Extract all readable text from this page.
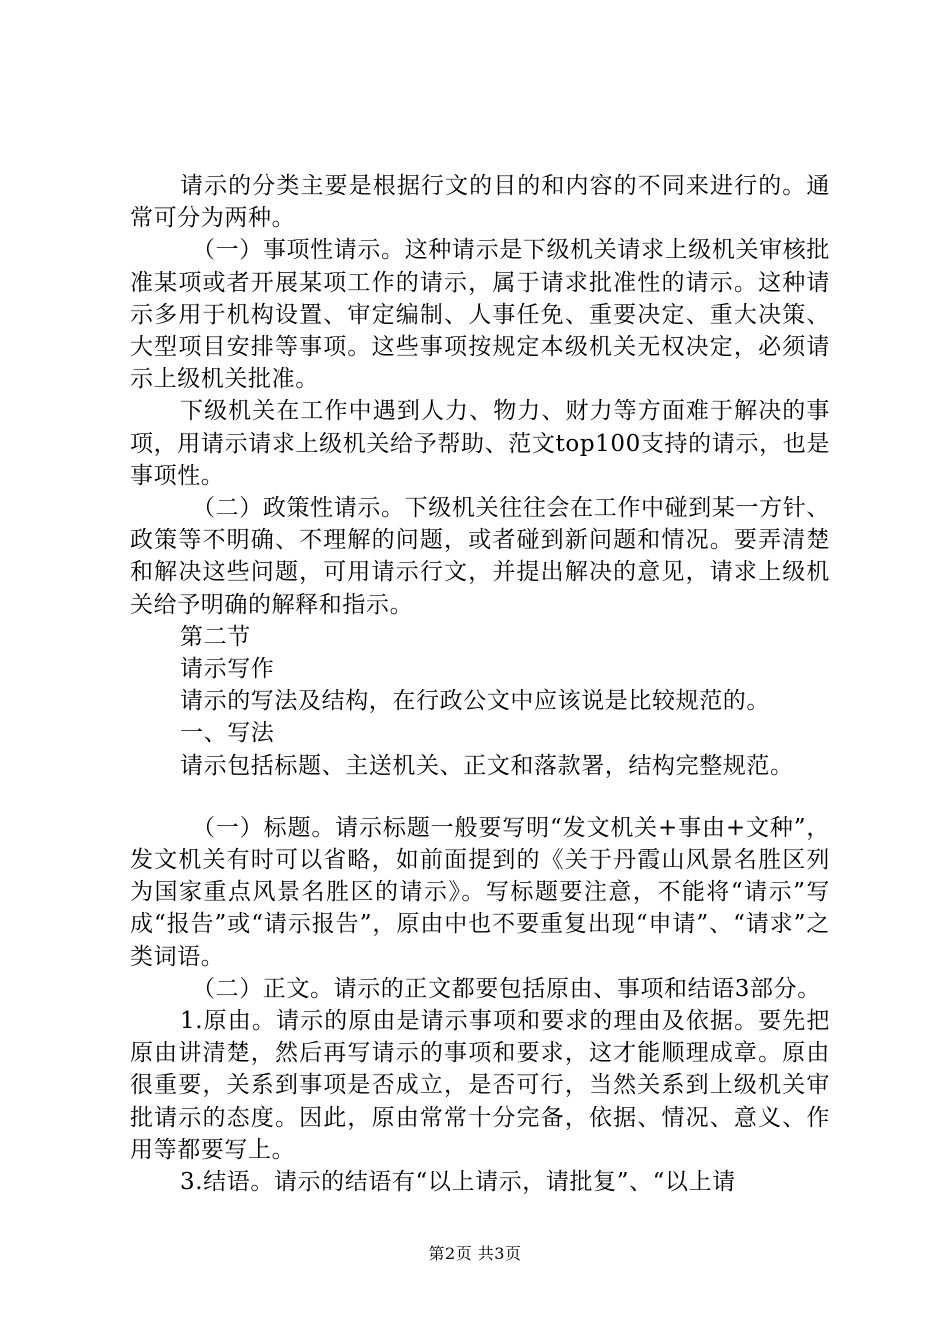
请示的分类主要是根据行文的目的和内容的不同来进行的。通常可分为两种。

（一）事项性请示。这种请示是下级机关请求上级机关审核批准某项或者开展某项工作的请示，属于请求批准性的请示。这种请示多用于机构设置、审定编制、人事任免、重要决定、重大决策、大型项目安排等事项。这些事项按规定本级机关无权决定，必须请示上级机关批准。

下级机关在工作中遇到人力、物力、财力等方面难于解决的事项，用请示请求上级机关给予帮助、范文top100支持的请示，也是事项性。

（二）政策性请示。下级机关往往会在工作中碰到某一方针、政策等不明确、不理解的问题，或者碰到新问题和情况。要弄清楚和解决这些问题，可用请示行文，并提出解决的意见，请求上级机关给予明确的解释和指示。

第二节

请示写作

请示的写法及结构，在行政公文中应该说是比较规范的。

一、写法

请示包括标题、主送机关、正文和落款署，结构完整规范。

（一）标题。请示标题一般要写明“发文机关+事由+文种”，发文机关有时可以省略，如前面提到的《关于丹霞山风景名胜区列为国家重点风景名胜区的请示》。写标题要注意，不能将“请示”写成“报告”或“请示报告”，原由中也不要重复出现“申请”、“请求”之类词语。

（二）正文。请示的正文都要包括原由、事项和结语3部分。

1.原由。请示的原由是请示事项和要求的理由及依据。要先把原由讲清楚，然后再写请示的事项和要求，这才能顺理成章。原由很重要，关系到事项是否成立，是否可行，当然关系到上级机关审批请示的态度。因此，原由常常十分完备，依据、情况、意义、作用等都要写上。

3.结语。请示的结语有“以上请示，请批复”、“以上请

第2页 共3页
